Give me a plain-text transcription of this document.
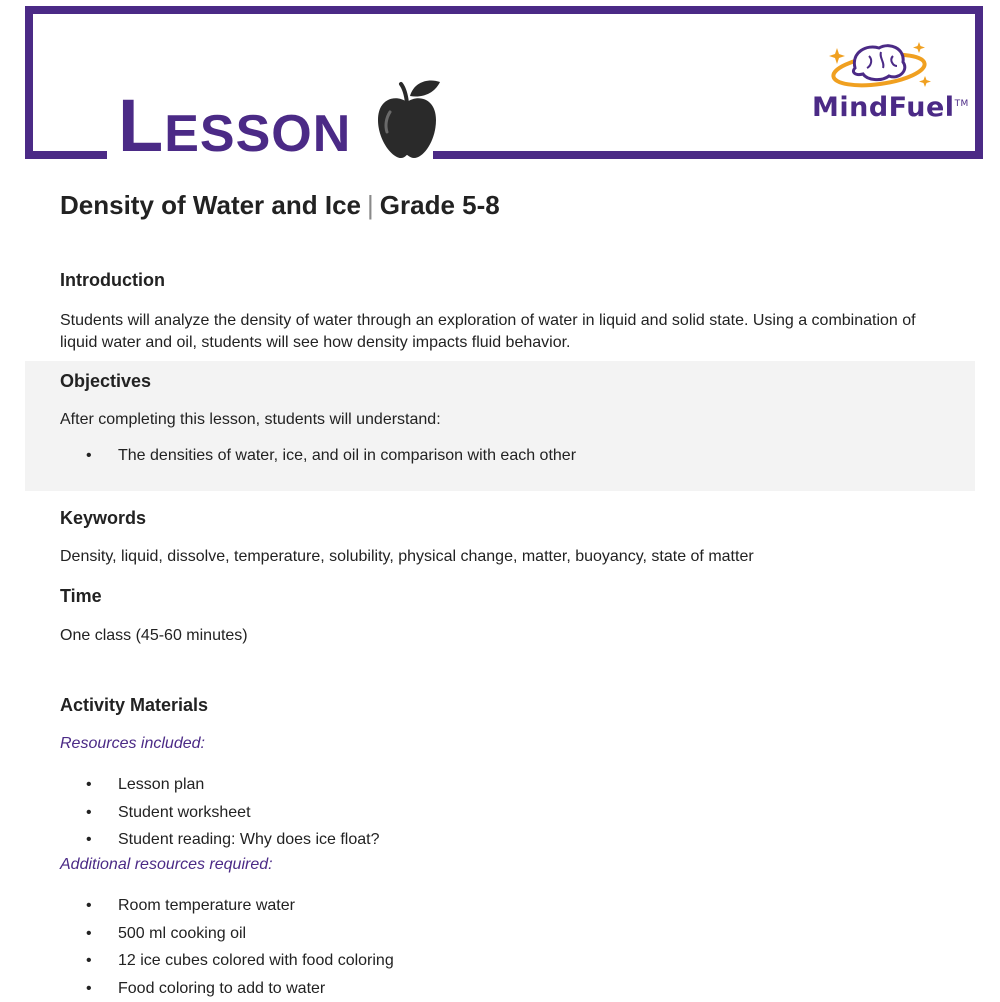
LESSON	MindFuel™
Density of Water and Ice | Grade 5-8
Introduction
Students will analyze the density of water through an exploration of water in liquid and solid state. Using a combination of liquid water and oil, students will see how density impacts fluid behavior.
Objectives
After completing this lesson, students will understand:
• The densities of water, ice, and oil in comparison with each other
Keywords
Density, liquid, dissolve, temperature, solubility, physical change, matter, buoyancy, state of matter
Time
One class (45-60 minutes)
Activity Materials
Resources included:
• Lesson plan
• Student worksheet
• Student reading: Why does ice float?
Additional resources required:
• Room temperature water
• 500 ml cooking oil
• 12 ice cubes colored with food coloring
• Food coloring to add to water
